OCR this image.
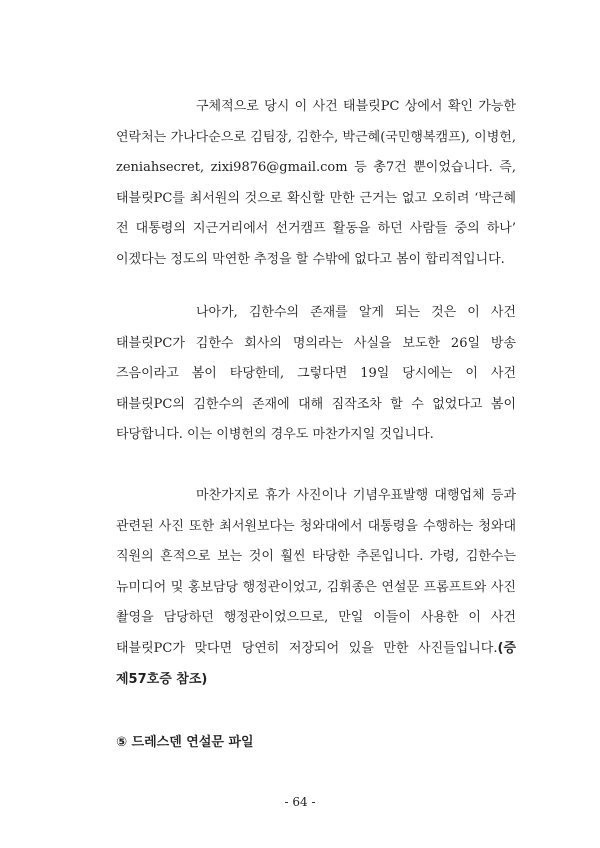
구체적으로 당시 이 사건 태블릿PC 상에서 확인 가능한 연락처는 가나다순으로 김팀장, 김한수, 박근혜(국민행복캠프), 이병헌, zeniahsecret, zixi9876@gmail.com 등 총7건 뿐이었습니다. 즉, 태블릿PC를 최서원의 것으로 확신할 만한 근거는 없고 오히려 ‘박근혜 전 대통령의 지근거리에서 선거캠프 활동을 하던 사람들 중의 하나’ 이겠다는 정도의 막연한 추정을 할 수밖에 없다고 봄이 합리적입니다.

나아가, 김한수의 존재를 알게 되는 것은 이 사건 태블릿PC가 김한수 회사의 명의라는 사실을 보도한 26일 방송 즈음이라고 봄이 타당한데, 그렇다면 19일 당시에는 이 사건 태블릿PC의 김한수의 존재에 대해 짐작조차 할 수 없었다고 봄이 타당합니다. 이는 이병헌의 경우도 마찬가지일 것입니다.

마찬가지로 휴가 사진이나 기념우표발행 대행업체 등과 관련된 사진 또한 최서원보다는 청와대에서 대통령을 수행하는 청와대 직원의 흔적으로 보는 것이 훨씬 타당한 추론입니다. 가령, 김한수는 뉴미디어 및 홍보담당 행정관이었고, 김휘종은 연설문 프롬프트와 사진 촬영을 담당하던 행정관이었으므로, 만일 이들이 사용한 이 사건 태블릿PC가 맞다면 당연히 저장되어 있을 만한 사진들입니다.(증 제57호증 참조)

⑤ 드레스덴 연설문 파일
- 64 -
